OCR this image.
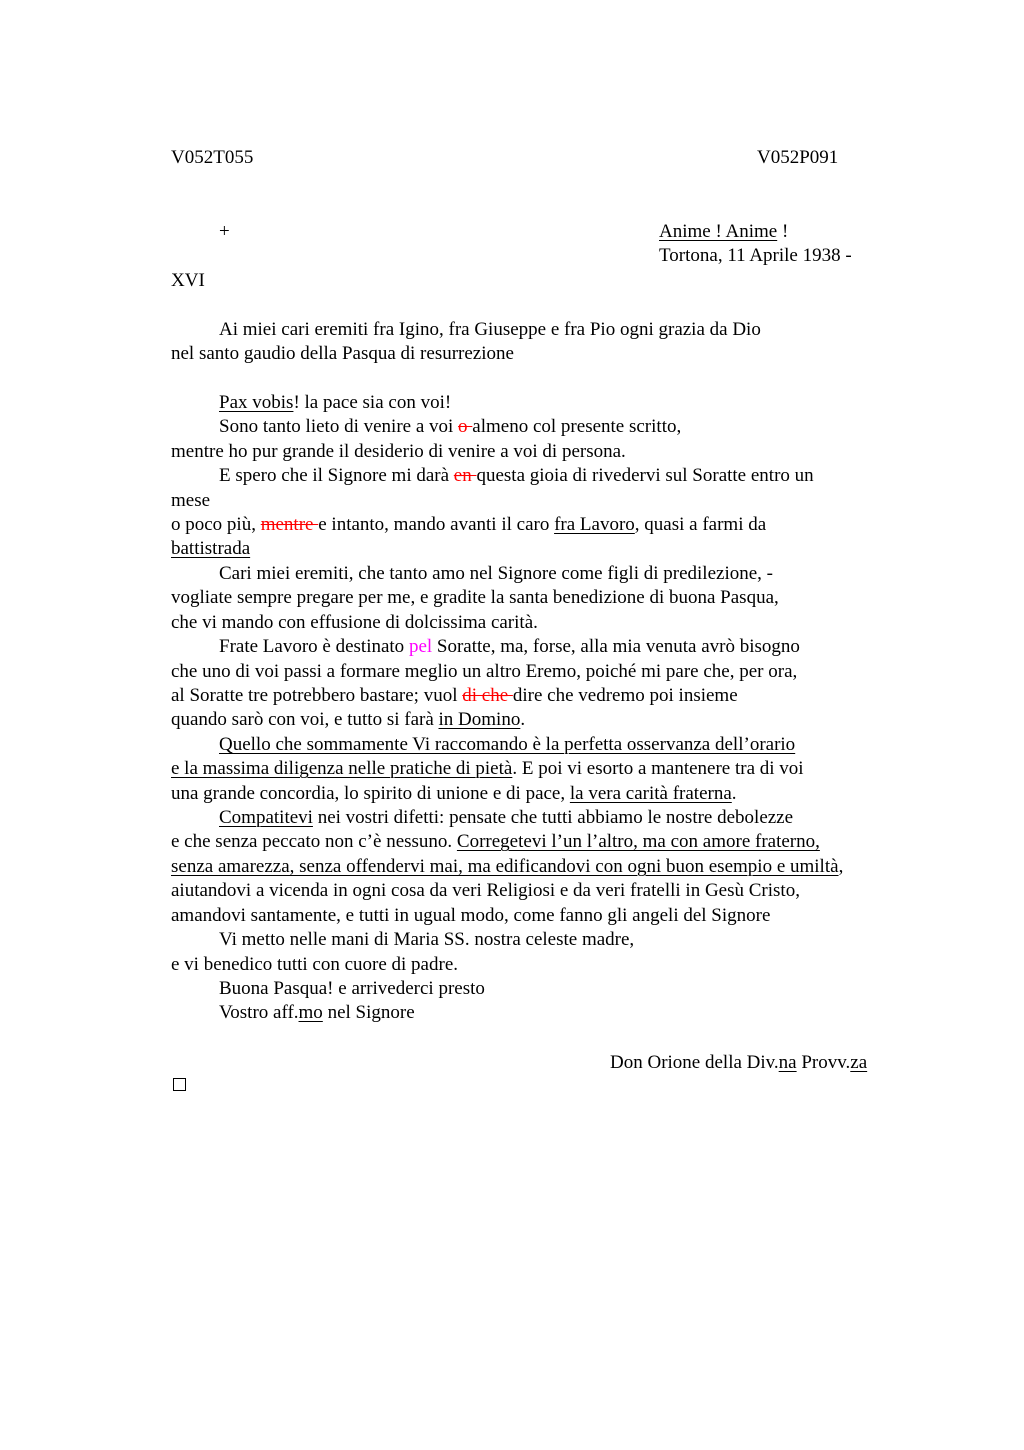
V052T055	V052P091
+	Anime ! Anime !
Tortona, 11 Aprile 1938 -
XVI
Ai miei cari eremiti fra Igino, fra Giuseppe e fra Pio ogni grazia da Dio
nel santo gaudio della Pasqua di resurrezione
Pax vobis! la pace sia con voi!
Sono tanto lieto di venire a voi o almeno col presente scritto,
mentre ho pur grande il desiderio di venire a voi di persona.
E spero che il Signore mi darà en questa gioia di rivedervi sul Soratte entro un
mese
o poco più, mentre e intanto, mando avanti il caro fra Lavoro, quasi a farmi da
battistrada
Cari miei eremiti, che tanto amo nel Signore come figli di predilezione, -
vogliate sempre pregare per me, e gradite la santa benedizione di buona Pasqua,
che vi mando con effusione di dolcissima carità.
Frate Lavoro è destinato pel Soratte, ma, forse, alla mia venuta avrò bisogno
che uno di voi passi a formare meglio un altro Eremo, poiché mi pare che, per ora,
al Soratte tre potrebbero bastare; vuol di che dire che vedremo poi insieme
quando sarò con voi, e tutto si farà in Domino.
Quello che sommamente Vi raccomando è la perfetta osservanza dell’orario
e la massima diligenza nelle pratiche di pietà. E poi vi esorto a mantenere tra di voi
una grande concordia, lo spirito di unione e di pace, la vera carità fraterna.
Compatitevi nei vostri difetti: pensate che tutti abbiamo le nostre debolezze
e che senza peccato non c’è nessuno. Corregetevi l’un l’altro, ma con amore fraterno,
senza amarezza, senza offendervi mai, ma edificandovi con ogni buon esempio e umiltà,
aiutandovi a vicenda in ogni cosa da veri Religiosi e da veri fratelli in Gesù Cristo,
amandovi santamente, e tutti in ugual modo, come fanno gli angeli del Signore
Vi metto nelle mani di Maria SS. nostra celeste madre,
e vi benedico tutti con cuore di padre.
Buona Pasqua! e arrivederci presto
Vostro aff.mo nel Signore
Don Orione della Div.na Provv.za
